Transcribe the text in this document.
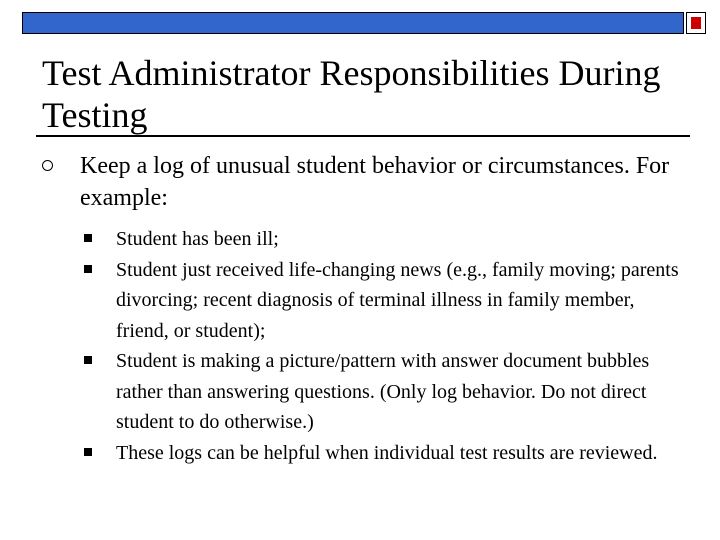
Test Administrator Responsibilities During Testing
Keep a log of unusual student behavior or circumstances. For example:
Student has been ill;
Student just received life-changing news (e.g., family moving; parents divorcing; recent diagnosis of terminal illness in family member, friend, or student);
Student is making a picture/pattern with answer document bubbles rather than answering questions. (Only log behavior. Do not direct student to do otherwise.)
These logs can be helpful when individual test results are reviewed.
